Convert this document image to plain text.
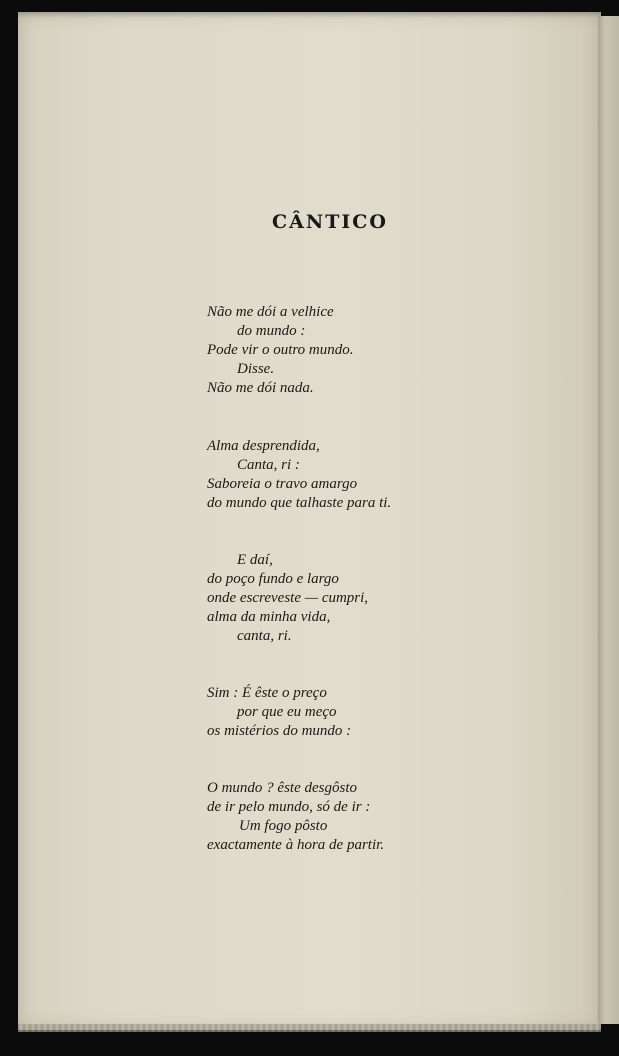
CÂNTICO
Não me dói a velhice
do mundo :
Pode vir o outro mundo.
Disse.
Não me dói nada.
Alma desprendida,
Canta, ri :
Saboreia o travo amargo
do mundo que talhaste para ti.
E daí,
do poço fundo e largo
onde escreveste — cumpri,
alma da minha vida,
canta, ri.
Sim : É êste o preço
por que eu meço
os mistérios do mundo :
O mundo ? êste desgôsto
de ir pelo mundo, só de ir :
Um fogo pôsto
exactamente à hora de partir.
